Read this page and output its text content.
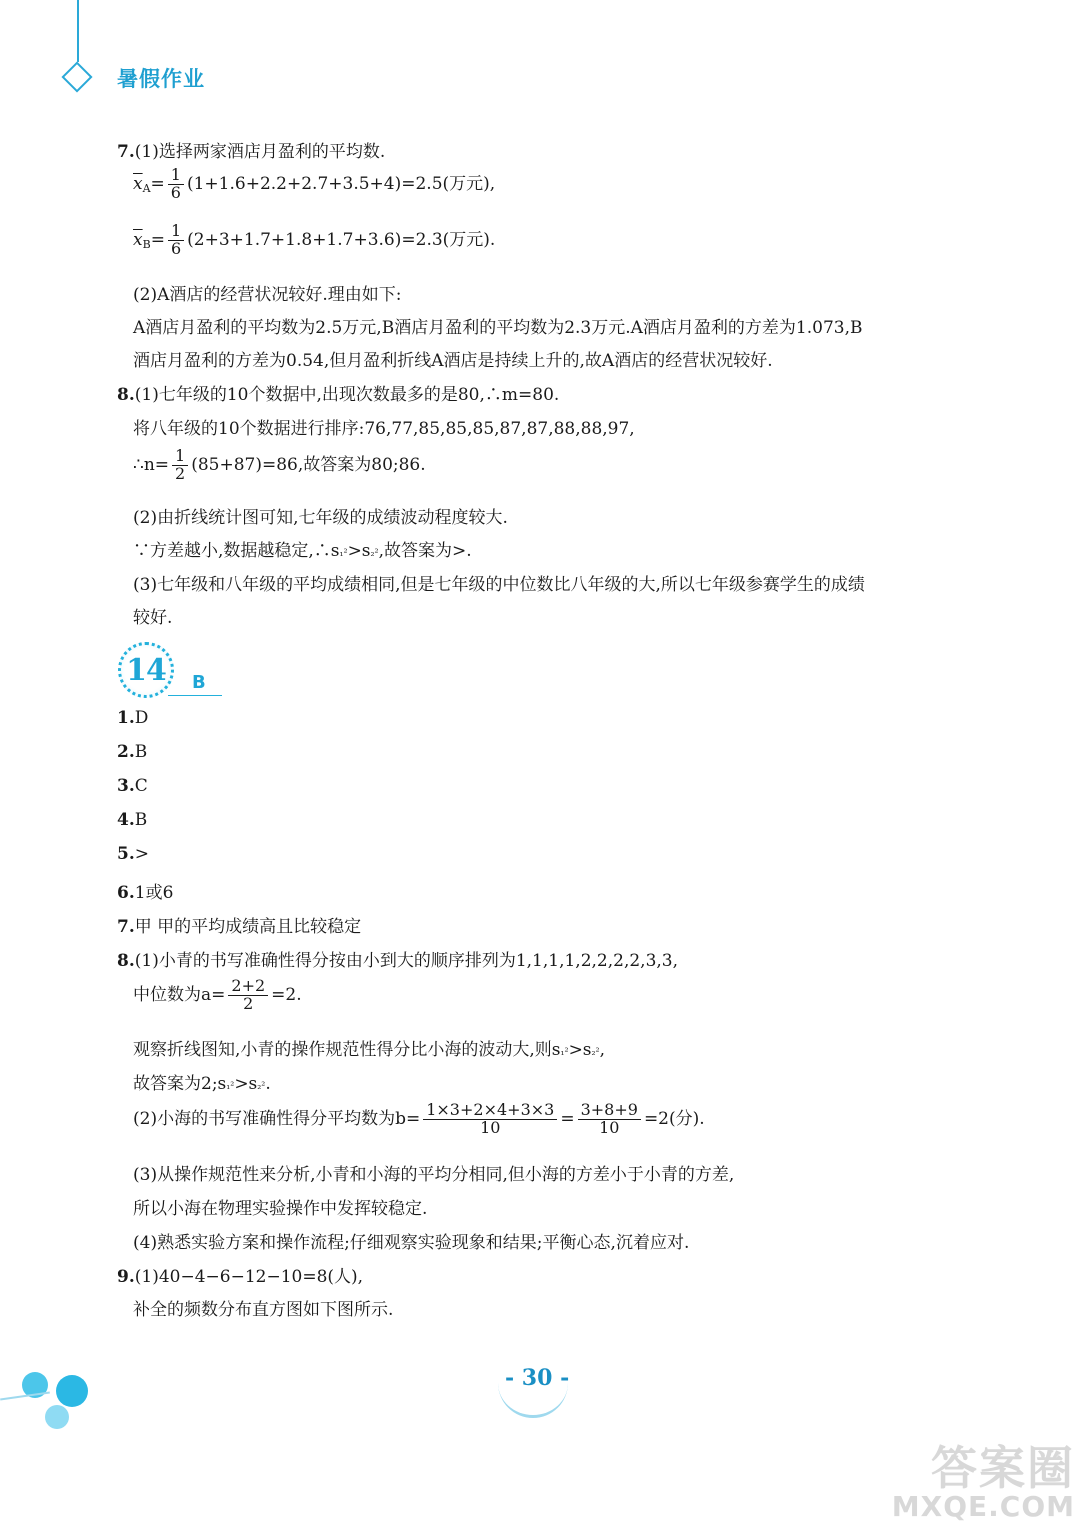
暑假作业
7.(1)选择两家酒店月盈利的平均数.
$\overline{x}_A= \frac{1}{6} (1+1.6+2.2+2.7+3.5+4)=2.5$(万元),
$\overline{x}_B= \frac{1}{6} (2+3+1.7+1.8+1.7+3.6)=2.3$(万元).
(2)A酒店的经营状况较好.理由如下:
A酒店月盈利的平均数为2.5万元,B酒店月盈利的平均数为2.3万元.A酒店月盈利的方差为1.073,B
酒店月盈利的方差为0.54,但月盈利折线A酒店是持续上升的,故A酒店的经营状况较好.
8.(1)七年级的10个数据中,出现次数最多的是80,∴m=80.
将八年级的10个数据进行排序:76,77,85,85,85,87,87,88,88,97,
∴n= $\frac{1}{2} (85+87)=86$,故答案为80;86.
(2)由折线统计图可知,七年级的成绩波动程度较大.
∵方差越小,数据越稳定,∴s₁²>s₂²,故答案为>.
(3)七年级和八年级的平均成绩相同,但是七年级的中位数比八年级的大,所以七年级参赛学生的成绩
较好.
14 B
1.D
2.B
3.C
4.B
5.>
6.1或6
7.甲 甲的平均成绩高且比较稳定
8.(1)小青的书写准确性得分按由小到大的顺序排列为1,1,1,1,2,2,2,2,3,3,
中位数为$a= \frac{2+2}{2} =2$.
观察折线图知,小青的操作规范性得分比小海的波动大,则s₁²>s₂²,
故答案为2;s₁²>s₂².
(2)小海的书写准确性得分平均数为$b= \frac{1\times 3+2\times 4+3\times 3}{10} = \frac{3+8+9}{10} =2$(分).
(3)从操作规范性来分析,小青和小海的平均分相同,但小海的方差小于小青的方差,
所以小海在物理实验操作中发挥较稳定.
(4)熟悉实验方案和操作流程;仔细观察实验现象和结果;平衡心态,沉着应对.
9.(1)40−4−6−12−10=8(人),
补全的频数分布直方图如下图所示.
- 30 -
答案圈
MXQE.COM
